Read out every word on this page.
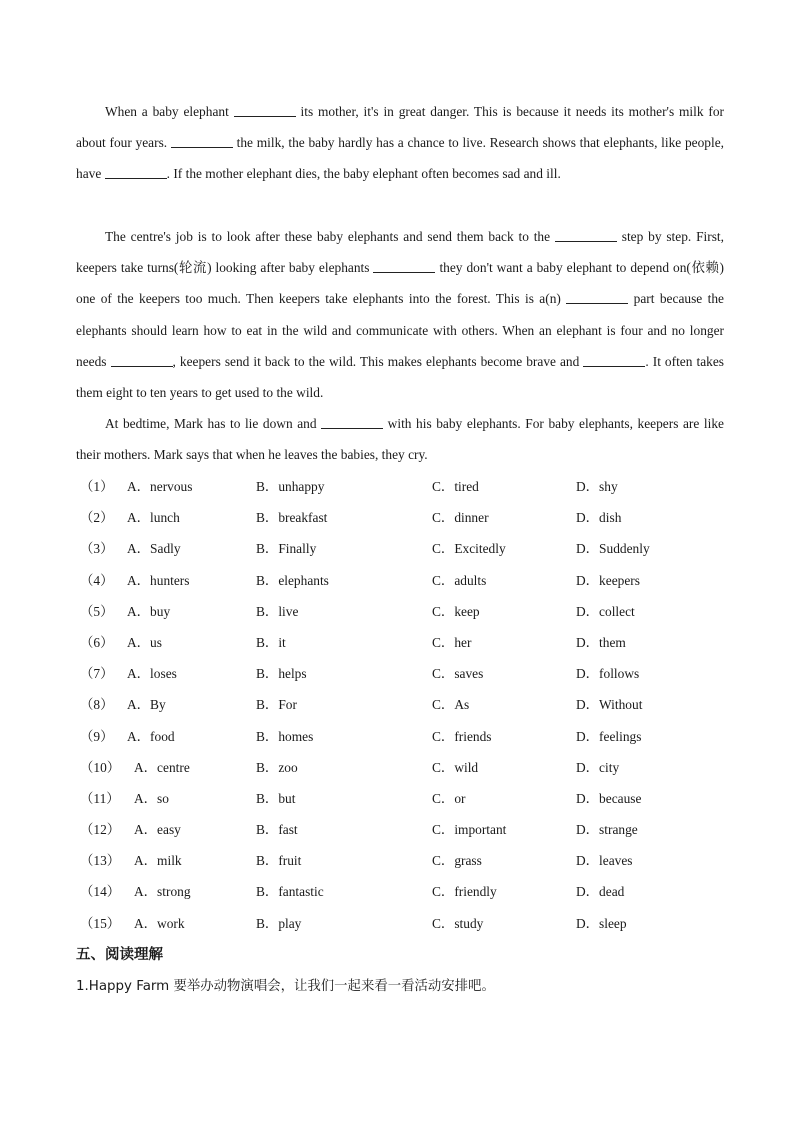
When a baby elephant	its mother, it's in great danger. This is because it needs its mother's milk for about four years.	the milk, the baby hardly has a chance to live. Research shows that elephants, like people, have	. If the mother elephant dies, the baby elephant often becomes sad and ill.

The centre's job is to look after these baby elephants and send them back to the	step by step. First, keepers take turns(轮流) looking after baby elephants	they don't want a baby elephant to depend on(依赖) one of the keepers too much. Then keepers take elephants into the forest. This is a(n)	part because the elephants should learn how to eat in the wild and communicate with others. When an elephant is four and no longer needs	, keepers send it back to the wild. This makes elephants become brave and	. It often takes them eight to ten years to get used to the wild.

At bedtime, Mark has to lie down and	with his baby elephants. For baby elephants, keepers are like their mothers. Mark says that when he leaves the babies, they cry.

（1） A．nervous	B．unhappy	C．tired	D．shy
（2） A．lunch	B．breakfast	C．dinner	D．dish
（3） A．Sadly	B．Finally	C．Excitedly	D．Suddenly
（4） A．hunters	B．elephants	C．adults	D．keepers
（5） A．buy	B．live	C．keep	D．collect
（6） A．us	B．it	C．her	D．them
（7） A．loses	B．helps	C．saves	D．follows
（8） A．By	B．For	C．As	D．Without
（9） A．food	B．homes	C．friends	D．feelings
（10） A．centre	B．zoo	C．wild	D．city
（11） A．so	B．but	C．or	D．because
（12） A．easy	B．fast	C．important	D．strange
（13） A．milk	B．fruit	C．grass	D．leaves
（14） A．strong	B．fantastic	C．friendly	D．dead
（15） A．work	B．play	C．study	D．sleep
五、阅读理解
1.Happy Farm 要举办动物演唱会，让我们一起来看一看活动安排吧。
